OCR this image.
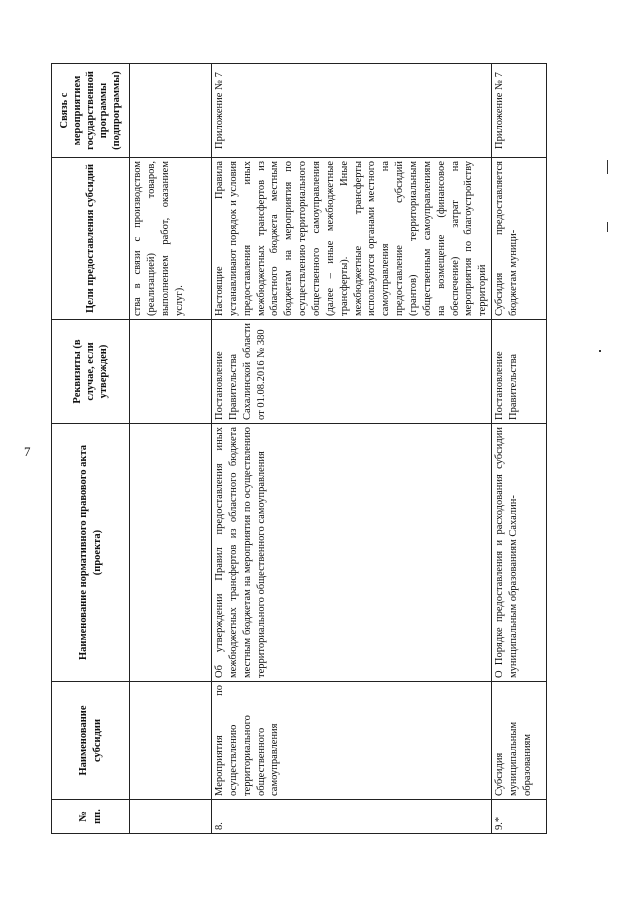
7
№ пп.	Наименование субсидии	Наименование нормативного правового акта (проекта)	Реквизиты (в случае, если утвержден)	Цели предоставления субсидий	Связь с мероприятием государственной программы (подпрограммы)
				ства в связи с производством (реализацией) товаров, выполнением работ, оказанием услуг).	
8.	Мероприятия по осуществлению территориального общественного самоуправления	Об утверждении Правил предоставления иных межбюджетных трансфертов из областного бюджета местным бюджетам на мероприятия по осуществлению территориального общественного самоуправления	Постановление Правительства Сахалинской области от 01.08.2016 № 380	Настоящие Правила устанавливают порядок и условия предоставления иных межбюджетных трансфертов из областного бюджета местным бюджетам на мероприятия по осуществлению территориального общественного самоуправления (далее – иные межбюджетные трансферты). Иные межбюджетные трансферты используются органами местного самоуправления на предоставление субсидий (грантов) территориальным общественным самоуправлениям на возмещение (финансовое обеспечение) затрат на мероприятия по благоустройству территорий	Приложение № 7
9.*	Субсидия муниципальным образованиям	О Порядке предоставления и расходования субсидии муниципальным образованиям Сахалин-	Постановление Правительства	Субсидия предоставляется бюджетам муници-	Приложение № 7
